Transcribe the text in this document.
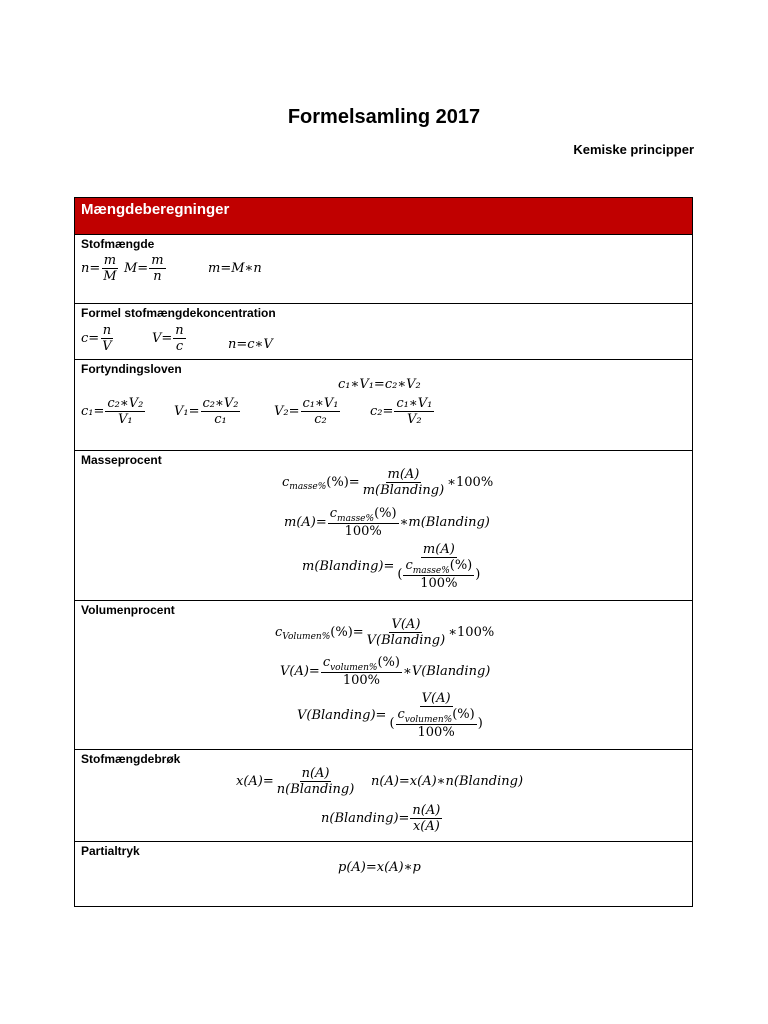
Formelsamling 2017
Kemiske principper
Mængdeberegninger
Stofmængde
$n= \frac{m}{M} M= \frac{m}{n}$	m=M∗n
Formel stofmængdekoncentration
$c= \frac{n}{V}$	$V= \frac{n}{c}$	n=c∗V
Fortyndingsloven
c₁∗V₁=c₂∗V₂
$c_1= \frac{\text{c₂∗V₂}}{\text{V₁}} V_1= \frac{\text{c₂∗V₂}}{\text{c₁}}$	$V_2= \frac{\text{c₁∗V₁}}{\text{c₂}} c_2= \frac{\text{c₁∗V₁}}{\text{V₂}}$
Masseprocent
c masse% (%)=
m(A)
m(Blanding)
∗100%
m(A)=
$c_{masse\%}(\%)$
100%
∗m(Blanding)
m(Blanding)=
m(A)
(
$c_{masse\%}(\%)$
100%
)
Volumenprocent
c Volumen% (%)=
V(A)
V(Blanding)
∗100%
V(A)=
$c_{volumen\%}(\%)$
100%
∗V(Blanding)
V(Blanding)=
V(A)
(
$c_{volumen\%}(\%)$
100%
)
Stofmængdebrøk
x(A)=
n(A)
n(Blanding)
n(A)=x(A)∗n(Blanding)
n(Blanding)= $\frac{n(A)}{x(A)}$
Partialtryk
p(A)=x(A)∗p
